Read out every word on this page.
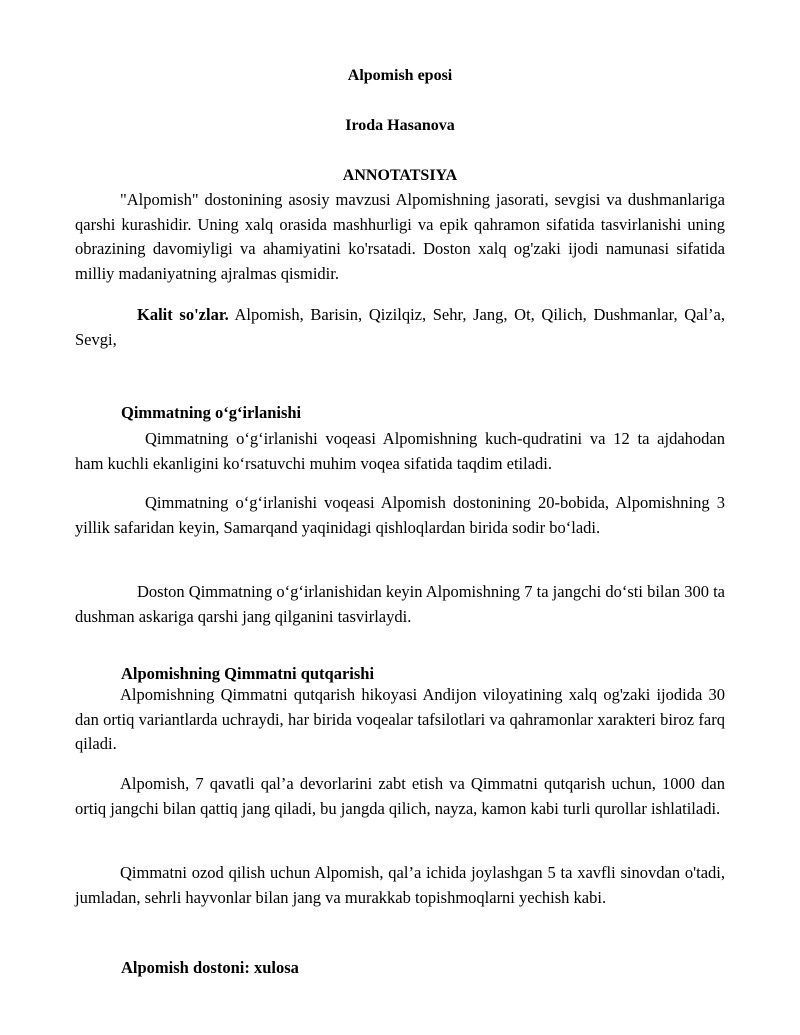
Alpomish eposi
Iroda Hasanova
ANNOTATSIYA

"Alpomish" dostonining asosiy mavzusi Alpomishning jasorati, sevgisi va dushmanlariga qarshi kurashidir. Uning xalq orasida mashhurligi va epik qahramon sifatida tasvirlanishi uning obrazining davomiyligi va ahamiyatini ko'rsatadi. Doston xalq og'zaki ijodi namunasi sifatida milliy madaniyatning ajralmas qismidir.

Kalit so'zlar. Alpomish, Barisin, Qizilqiz, Sehr, Jang, Ot, Qilich, Dushmanlar, Qal’a, Sevgi,

Qimmatning o‘g‘irlanishi

Qimmatning o‘g‘irlanishi voqeasi Alpomishning kuch-qudratini va 12 ta ajdahodan ham kuchli ekanligini ko‘rsatuvchi muhim voqea sifatida taqdim etiladi.

Qimmatning o‘g‘irlanishi voqeasi Alpomish dostonining 20-bobida, Alpomishning 3 yillik safaridan keyin, Samarqand yaqinidagi qishloqlardan birida sodir bo‘ladi.

Doston Qimmatning o‘g‘irlanishidan keyin Alpomishning 7 ta jangchi do‘sti bilan 300 ta dushman askariga qarshi jang qilganini tasvirlaydi.

Alpomishning Qimmatni qutqarishi

Alpomishning Qimmatni qutqarish hikoyasi Andijon viloyatining xalq og'zaki ijodida 30 dan ortiq variantlarda uchraydi, har birida voqealar tafsilotlari va qahramonlar xarakteri biroz farq qiladi.

Alpomish, 7 qavatli qal’a devorlarini zabt etish va Qimmatni qutqarish uchun, 1000 dan ortiq jangchi bilan qattiq jang qiladi, bu jangda qilich, nayza, kamon kabi turli qurollar ishlatiladi.

Qimmatni ozod qilish uchun Alpomish, qal’a ichida joylashgan 5 ta xavfli sinovdan o'tadi, jumladan, sehrli hayvonlar bilan jang va murakkab topishmoqlarni yechish kabi.

Alpomish dostoni: xulosa
